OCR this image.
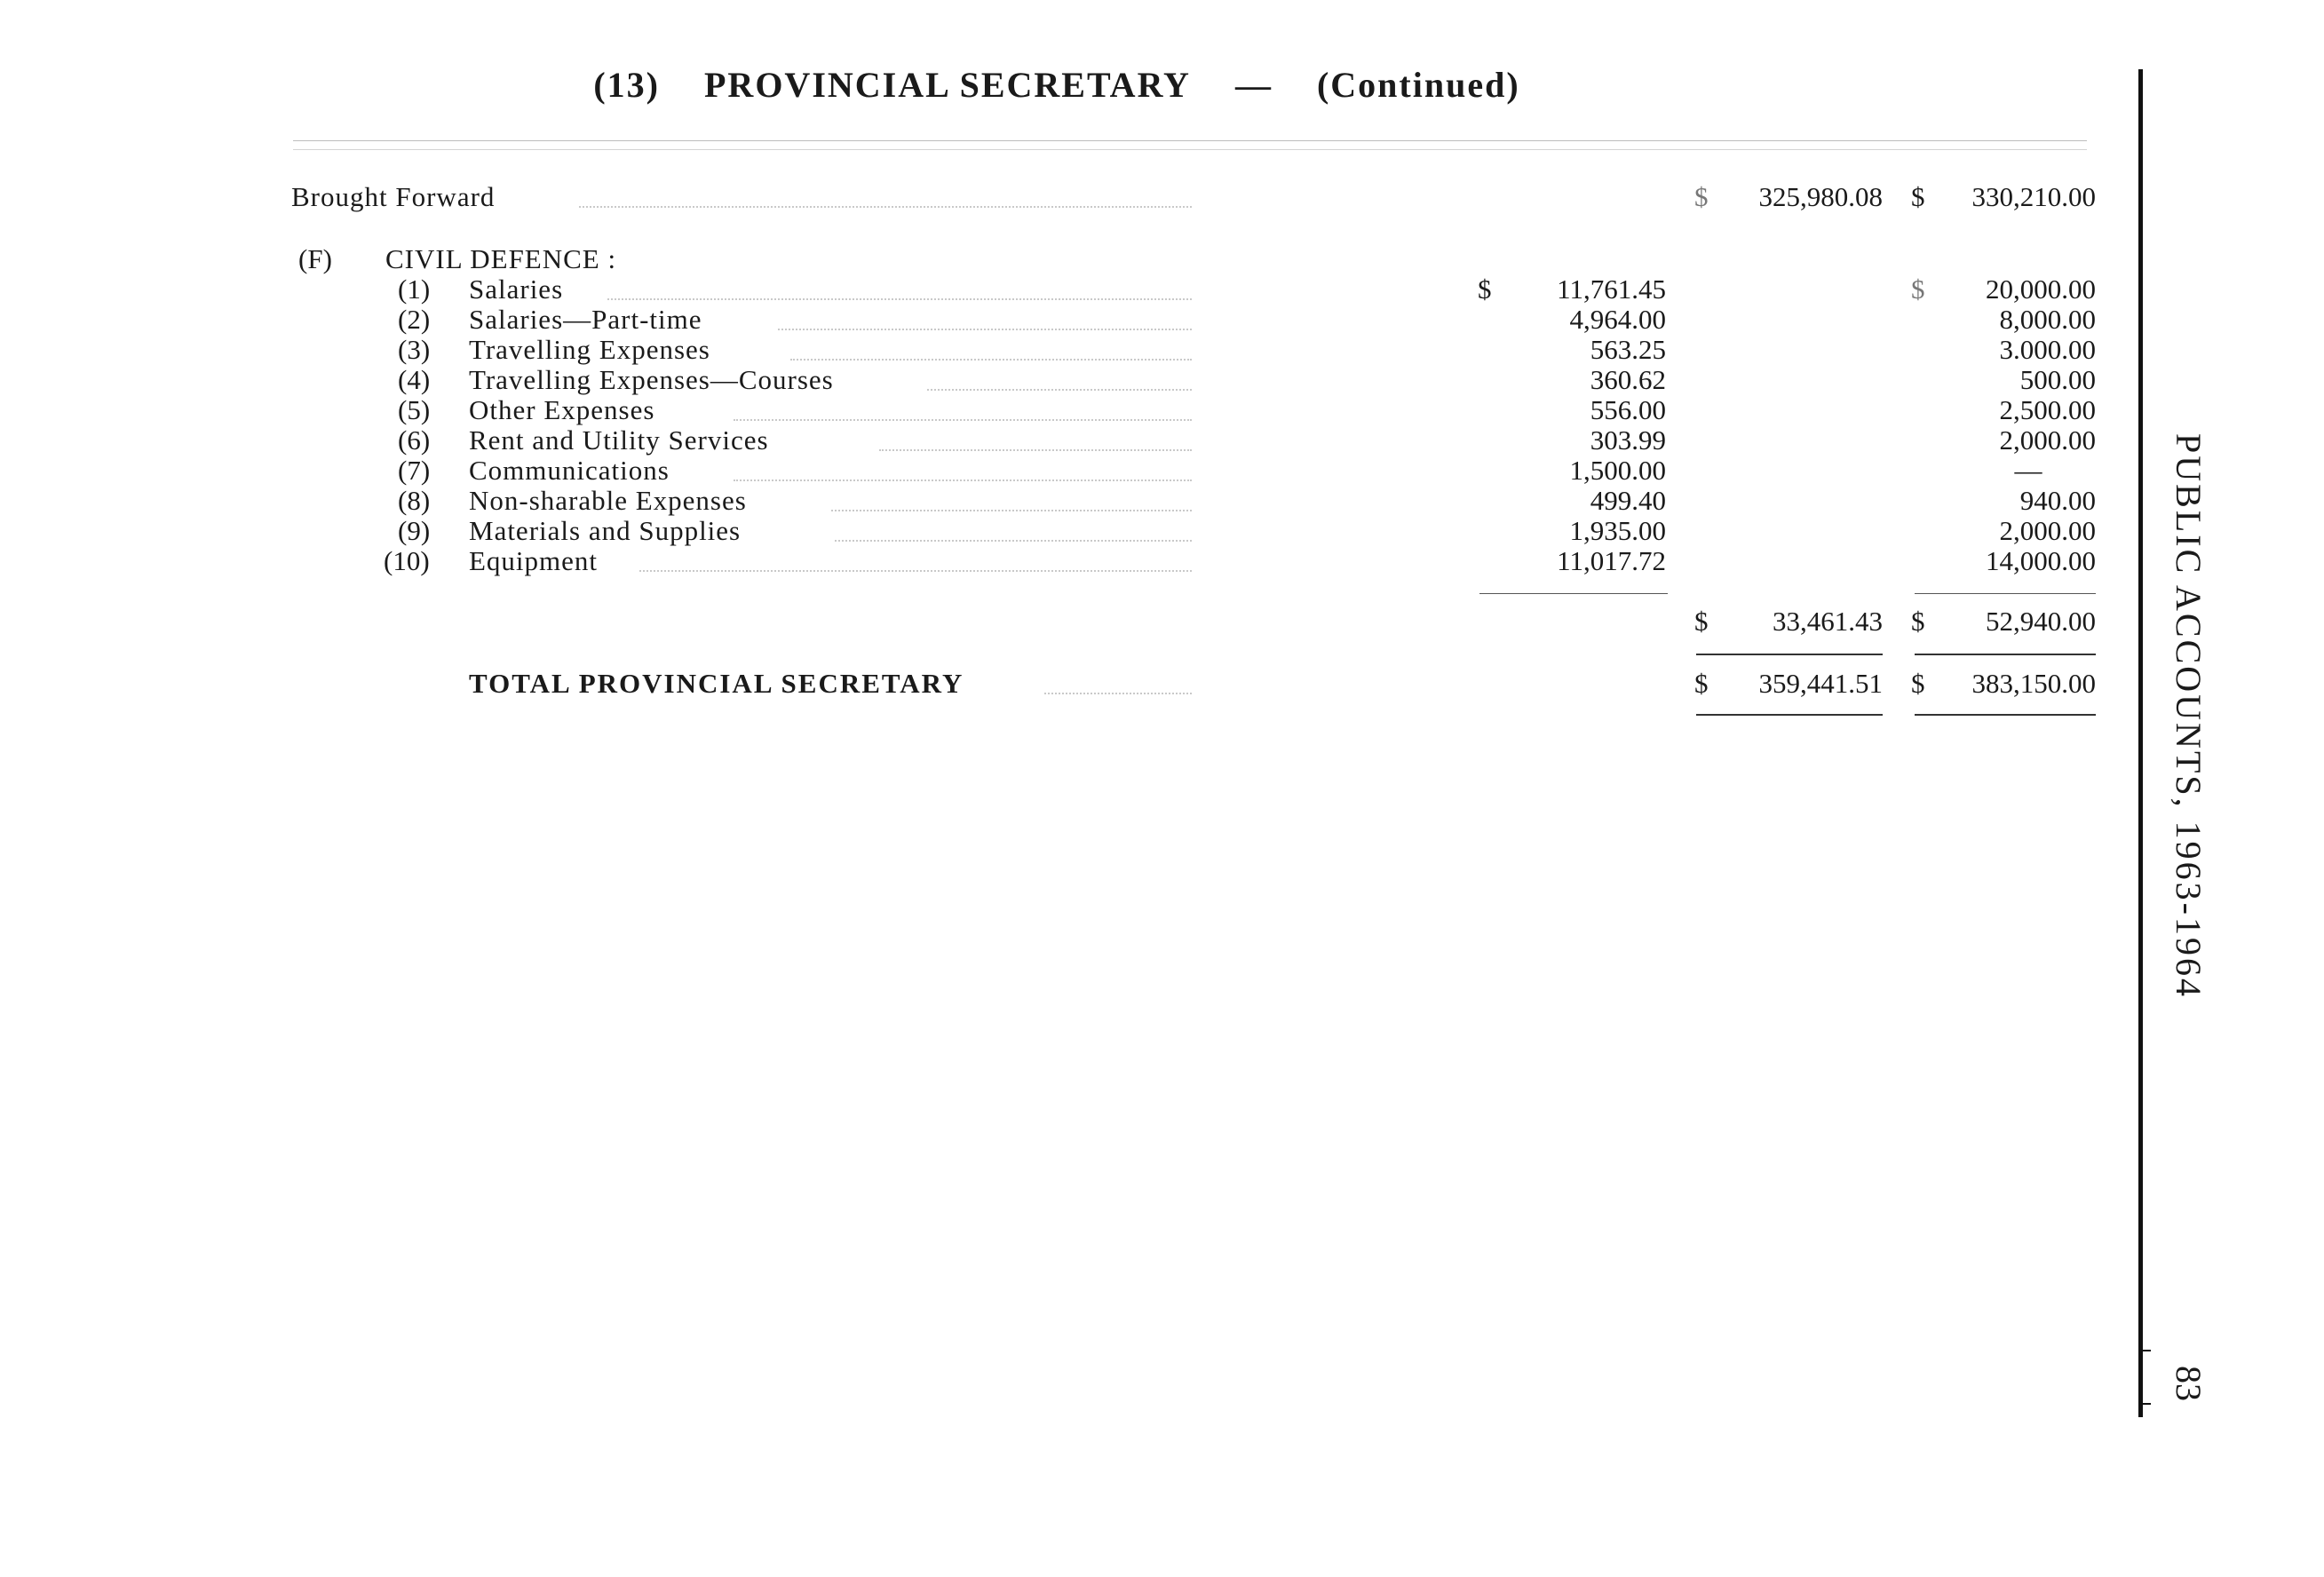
(13) PROVINCIAL SECRETARY — (Continued)
Brought Forward	$	325,980.08 $	330,210.00
(F) CIVIL DEFENCE :
(1) Salaries	$	11,761.45	$	20,000.00
(2) Salaries—Part-time	4,964.00	8,000.00
(3) Travelling Expenses	563.25	3.000.00
(4) Travelling Expenses—Courses	360.62	500.00
(5) Other Expenses	556.00	2,500.00
(6) Rent and Utility Services	303.99	2,000.00
(7) Communications	1,500.00	—
(8) Non-sharable Expenses	499.40	940.00
(9) Materials and Supplies	1,935.00	2,000.00
(10) Equipment	11,017.72	14,000.00
$	33,461.43 $	52,940.00
TOTAL PROVINCIAL SECRETARY	$	359,441.51 $	383,150.00 PUBLIC ACCOUNTS, 1963-1964
83
